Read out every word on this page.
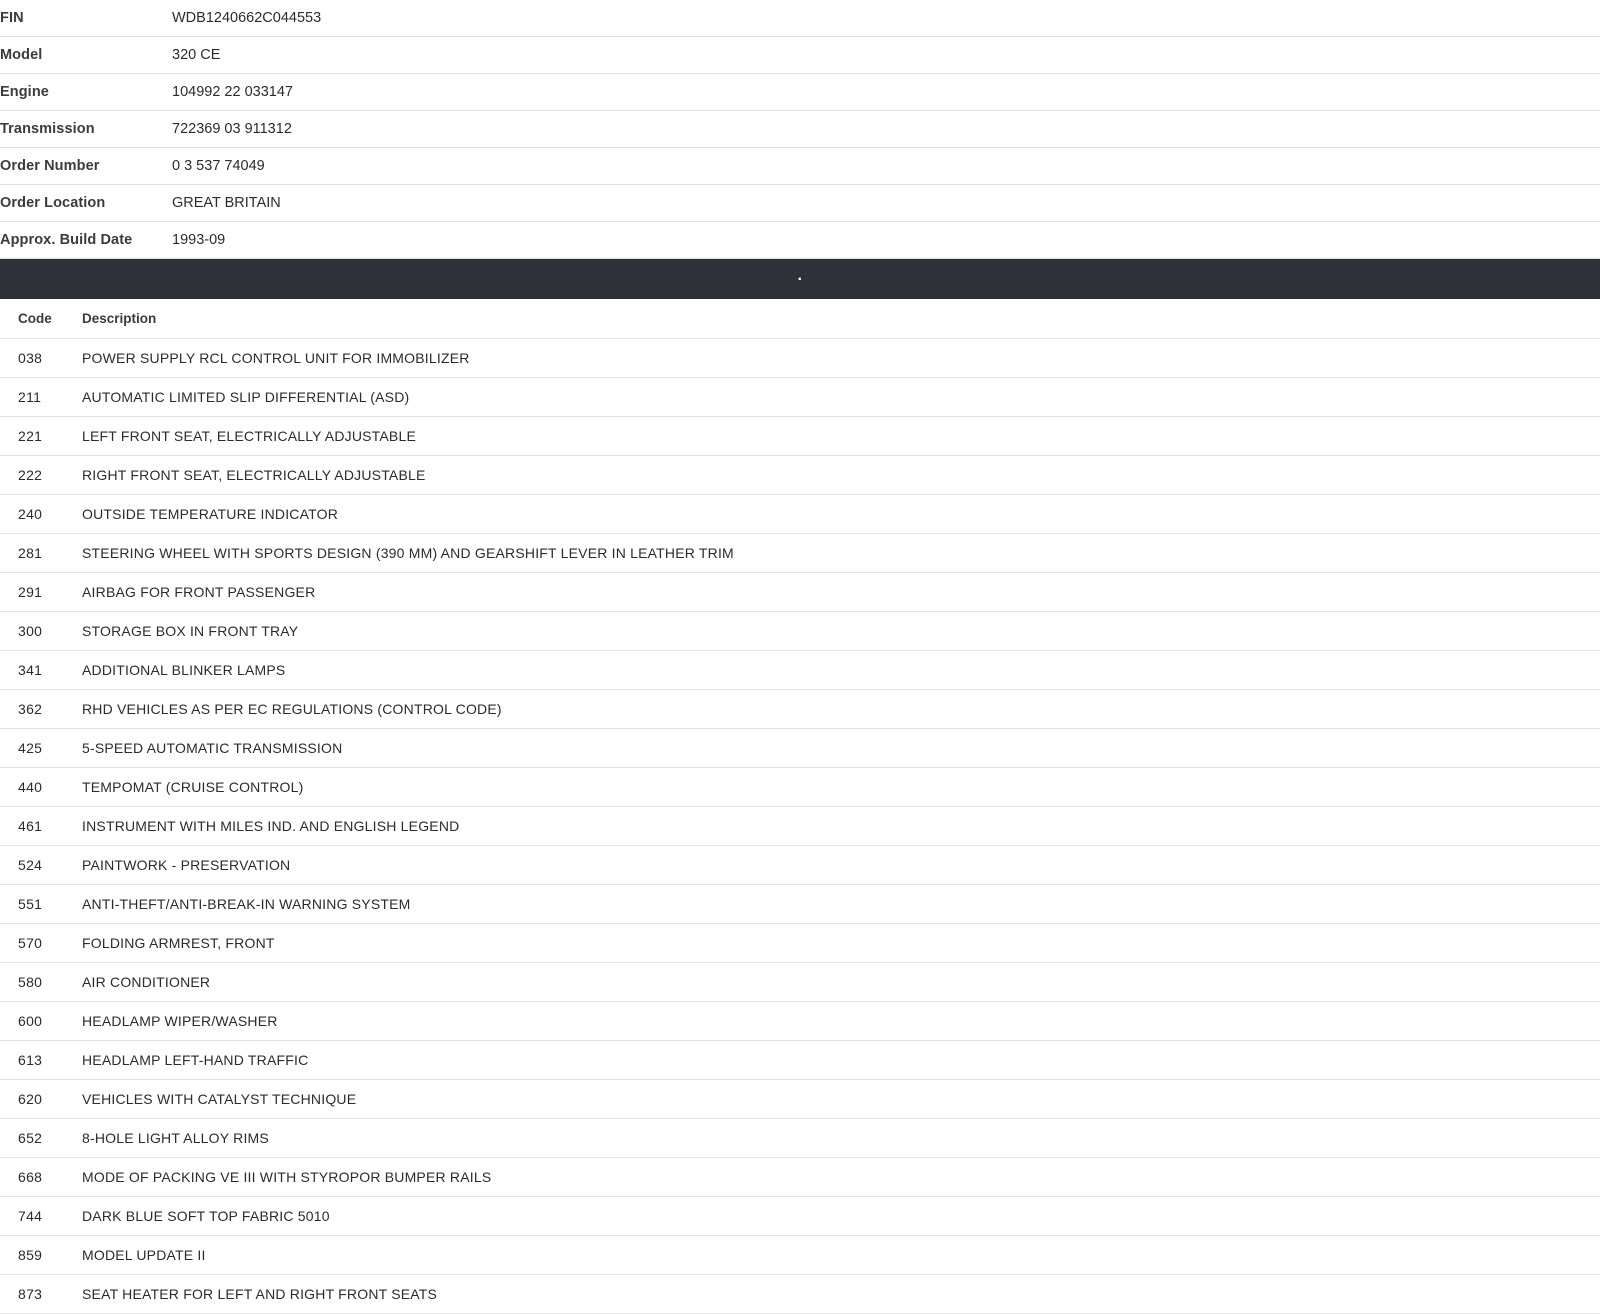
FIN	WDB1240662C044553
Model	320 CE
Engine	104992 22 033147
Transmission	722369 03 911312
Order Number	0 3 537 74049
Order Location	GREAT BRITAIN
Approx. Build Date	1993-09
.
Code	Description
038	POWER SUPPLY RCL CONTROL UNIT FOR IMMOBILIZER
211	AUTOMATIC LIMITED SLIP DIFFERENTIAL (ASD)
221	LEFT FRONT SEAT, ELECTRICALLY ADJUSTABLE
222	RIGHT FRONT SEAT, ELECTRICALLY ADJUSTABLE
240	OUTSIDE TEMPERATURE INDICATOR
281	STEERING WHEEL WITH SPORTS DESIGN (390 MM) AND GEARSHIFT LEVER IN LEATHER TRIM
291	AIRBAG FOR FRONT PASSENGER
300	STORAGE BOX IN FRONT TRAY
341	ADDITIONAL BLINKER LAMPS
362	RHD VEHICLES AS PER EC REGULATIONS (CONTROL CODE)
425	5-SPEED AUTOMATIC TRANSMISSION
440	TEMPOMAT (CRUISE CONTROL)
461	INSTRUMENT WITH MILES IND. AND ENGLISH LEGEND
524	PAINTWORK - PRESERVATION
551	ANTI-THEFT/ANTI-BREAK-IN WARNING SYSTEM
570	FOLDING ARMREST, FRONT
580	AIR CONDITIONER
600	HEADLAMP WIPER/WASHER
613	HEADLAMP LEFT-HAND TRAFFIC
620	VEHICLES WITH CATALYST TECHNIQUE
652	8-HOLE LIGHT ALLOY RIMS
668	MODE OF PACKING VE III WITH STYROPOR BUMPER RAILS
744	DARK BLUE SOFT TOP FABRIC 5010
859	MODEL UPDATE II
873	SEAT HEATER FOR LEFT AND RIGHT FRONT SEATS
